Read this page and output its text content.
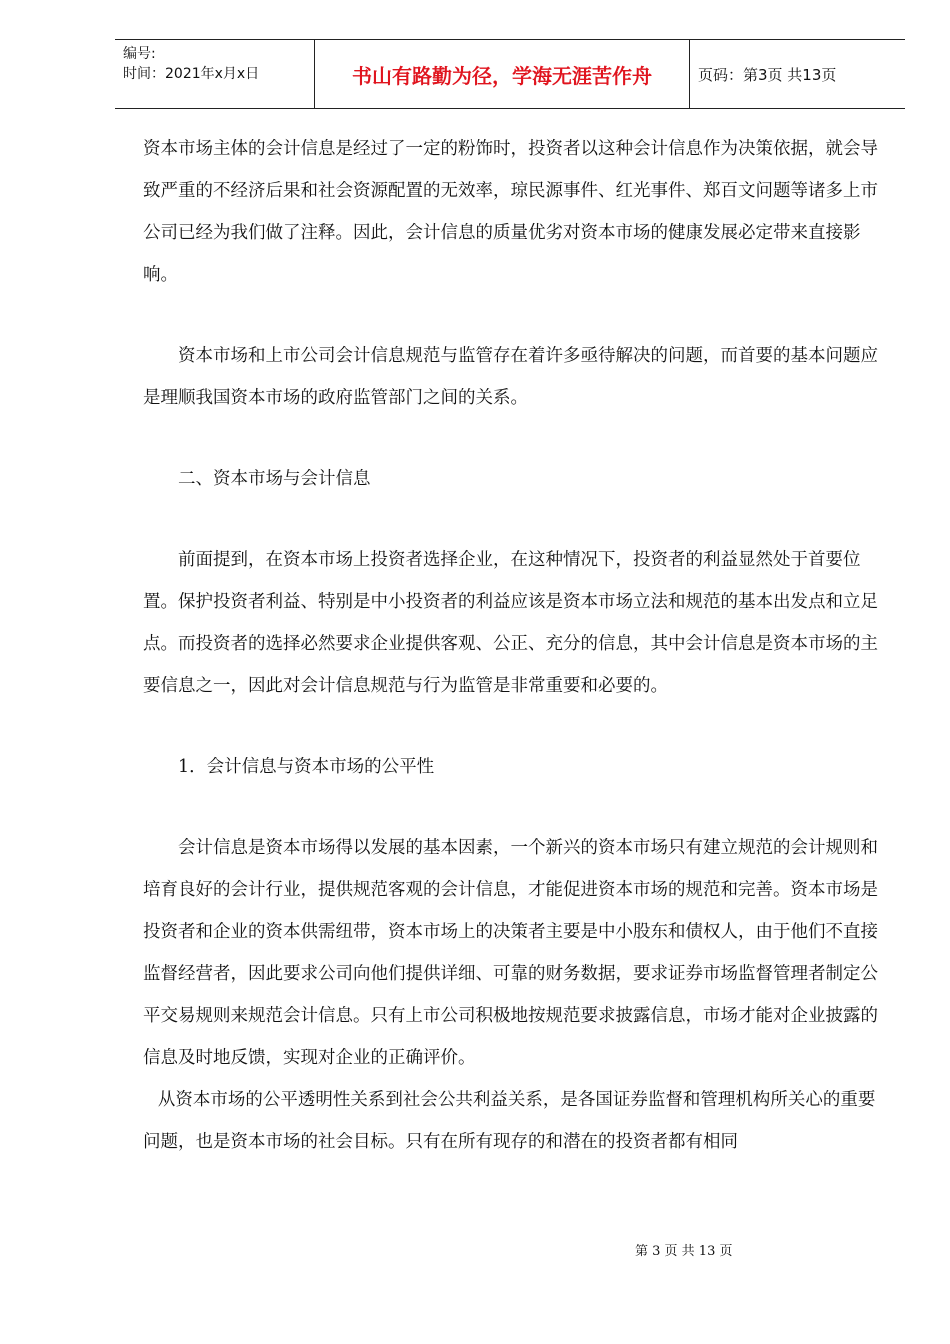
编号:
时间：2021年x月x日	书山有路勤为径，学海无涯苦作舟	页码：第3页 共13页

资本市场主体的会计信息是经过了一定的粉饰时，投资者以这种会计信息作为决策依据，就会导致严重的不经济后果和社会资源配置的无效率，琼民源事件、红光事件、郑百文问题等诸多上市公司已经为我们做了注释。因此，会计信息的质量优劣对资本市场的健康发展必定带来直接影响。

资本市场和上市公司会计信息规范与监管存在着许多亟待解决的问题，而首要的基本问题应是理顺我国资本市场的政府监管部门之间的关系。

二、资本市场与会计信息

前面提到，在资本市场上投资者选择企业，在这种情况下，投资者的利益显然处于首要位置。保护投资者利益、特别是中小投资者的利益应该是资本市场立法和规范的基本出发点和立足点。而投资者的选择必然要求企业提供客观、公正、充分的信息，其中会计信息是资本市场的主要信息之一，因此对会计信息规范与行为监管是非常重要和必要的。

1．会计信息与资本市场的公平性

会计信息是资本市场得以发展的基本因素，一个新兴的资本市场只有建立规范的会计规则和培育良好的会计行业，提供规范客观的会计信息，才能促进资本市场的规范和完善。资本市场是投资者和企业的资本供需纽带，资本市场上的决策者主要是中小股东和债权人，由于他们不直接监督经营者，因此要求公司向他们提供详细、可靠的财务数据，要求证券市场监督管理者制定公平交易规则来规范会计信息。只有上市公司积极地按规范要求披露信息，市场才能对企业披露的信息及时地反馈，实现对企业的正确评价。

从资本市场的公平透明性关系到社会公共利益关系，是各国证券监督和管理机构所关心的重要问题，也是资本市场的社会目标。只有在所有现存的和潜在的投资者都有相同

第 3 页 共 13 页
